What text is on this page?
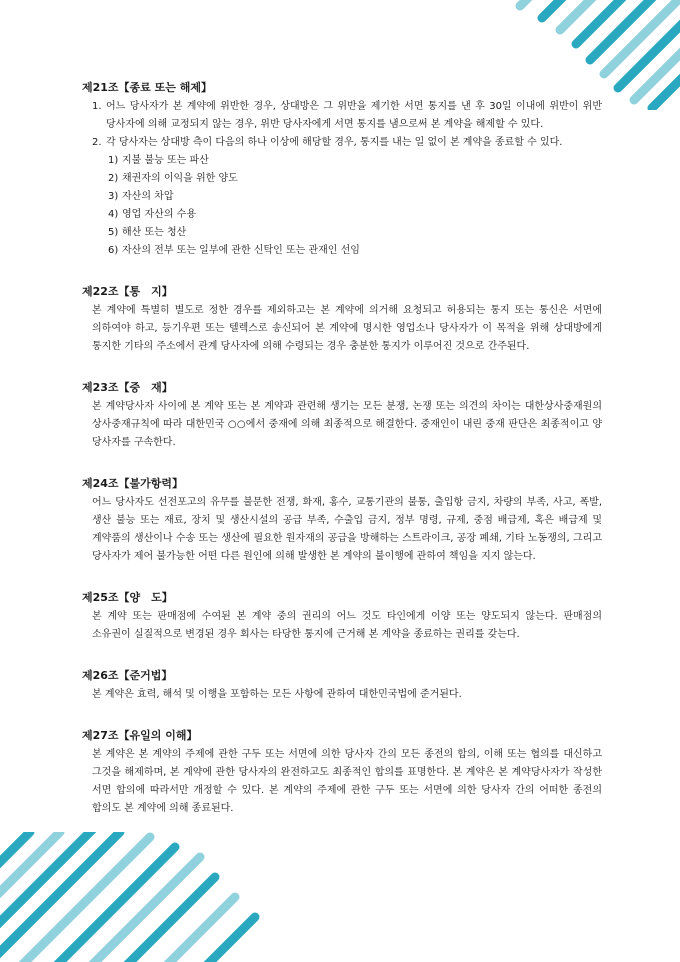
제21조【종료 또는 해제】
1. 어느 당사자가 본 계약에 위반한 경우, 상대방은 그 위반을 제기한 서면 통지를 낸 후 30일 이내에 위반이 위반 당사자에 의해 교정되지 않는 경우, 위반 당사자에게 서면 통지를 냄으로써 본 계약을 해제할 수 있다.
2. 각 당사자는 상대방 측이 다음의 하나 이상에 해당할 경우, 통지를 내는 일 없이 본 계약을 종료할 수 있다.
1) 지불 불능 또는 파산
2) 채권자의 이익을 위한 양도
3) 자산의 차압
4) 영업 자산의 수용
5) 해산 또는 청산
6) 자산의 전부 또는 일부에 관한 신탁인 또는 관재인 선임
제22조【통　지】
본 계약에 특별히 별도로 정한 경우를 제외하고는 본 계약에 의거해 요청되고 허용되는 통지 또는 통신은 서면에 의하여야 하고, 등기우편 또는 텔렉스로 송신되어 본 계약에 명시한 영업소나 당사자가 이 목적을 위해 상대방에게 통지한 기타의 주소에서 관계 당사자에 의해 수령되는 경우 충분한 통지가 이루어진 것으로 간주된다.
제23조【중　재】
본 계약당사자 사이에 본 계약 또는 본 계약과 관련해 생기는 모든 분쟁, 논쟁 또는 의견의 차이는 대한상사중재원의 상사중재규칙에 따라 대한민국 ○○에서 중재에 의해 최종적으로 해결한다. 중재인이 내린 중재 판단은 최종적이고 양 당사자를 구속한다.
제24조【불가항력】
어느 당사자도 선전포고의 유무를 불문한 전쟁, 화재, 홍수, 교통기관의 불통, 출입항 금지, 차량의 부족, 사고, 폭발, 생산 불능 또는 재료, 장치 및 생산시설의 공급 부족, 수출입 금지, 정부 명령, 규제, 중점 배급제, 혹은 배급제 및 계약품의 생산이나 수송 또는 생산에 필요한 원자재의 공급을 방해하는 스트라이크, 공장 폐쇄, 기타 노동쟁의, 그리고 당사자가 제어 불가능한 어떤 다른 원인에 의해 발생한 본 계약의 불이행에 관하여 책임을 지지 않는다.
제25조【양　도】
본 계약 또는 판매점에 수여된 본 계약 중의 권리의 어느 것도 타인에게 이양 또는 양도되지 않는다. 판매점의 소유권이 실질적으로 변경된 경우 회사는 타당한 통지에 근거해 본 계약을 종료하는 권리를 갖는다.
제26조【준거법】
본 계약은 효력, 해석 및 이행을 포함하는 모든 사항에 관하여 대한민국법에 준거된다.
제27조【유일의 이해】
본 계약은 본 계약의 주제에 관한 구두 또는 서면에 의한 당사자 간의 모든 종전의 합의, 이해 또는 협의를 대신하고 그것을 해제하며, 본 계약에 관한 당사자의 완전하고도 최종적인 합의를 표명한다. 본 계약은 본 계약당사자가 작성한 서면 합의에 따라서만 개정할 수 있다. 본 계약의 주제에 관한 구두 또는 서면에 의한 당사자 간의 어떠한 종전의 합의도 본 계약에 의해 종료된다.
